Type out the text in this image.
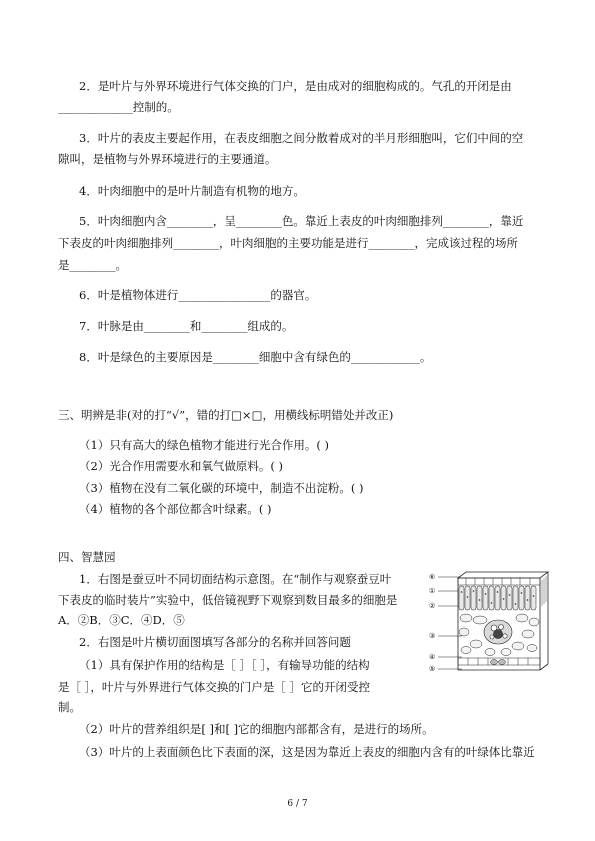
2．是叶片与外界环境进行气体交换的门户，是由成对的细胞构成的。气孔的开闭是由
_____________控制的。
3．叶片的表皮主要起作用，在表皮细胞之间分散着成对的半月形细胞叫，它们中间的空
隙叫，是植物与外界环境进行的主要通道。
4．叶肉细胞中的是叶片制造有机物的地方。
5．叶肉细胞内含________，呈________色。靠近上表皮的叶肉细胞排列________，靠近
下表皮的叶肉细胞排列________，叶肉细胞的主要功能是进行________，完成该过程的场所
是________。
6．叶是植物体进行________________的器官。
7．叶脉是由________和________组成的。
8．叶是绿色的主要原因是________细胞中含有绿色的____________。
三、明辨是非(对的打“√”，错的打□×□，用横线标明错处并改正)
（1）只有高大的绿色植物才能进行光合作用。( )
（2）光合作用需要水和氧气做原料。( )
（3）植物在没有二氧化碳的环境中，制造不出淀粉。( )
（4）植物的各个部位都含叶绿素。( )
四、智慧园
1．右图是蚕豆叶不同切面结构示意图。在“制作与观察蚕豆叶
下表皮的临时装片”实验中，低倍镜视野下观察到数目最多的细胞是
A．②B．③C．④D．⑤
2．右图是叶片横切面图填写各部分的名称并回答问题
（1）具有保护作用的结构是［ ］［ ］，有输导功能的结构
是［ ］，叶片与外界进行气体交换的门户是［ ］它的开闭受控
制。
（2）叶片的营养组织是[ ]和[ ]它的细胞内部都含有，是进行的场所。
（3）叶片的上表面颜色比下表面的深，这是因为靠近上表皮的细胞内含有的叶绿体比靠近
⑥
①
②
③
④
⑤
6 / 7
